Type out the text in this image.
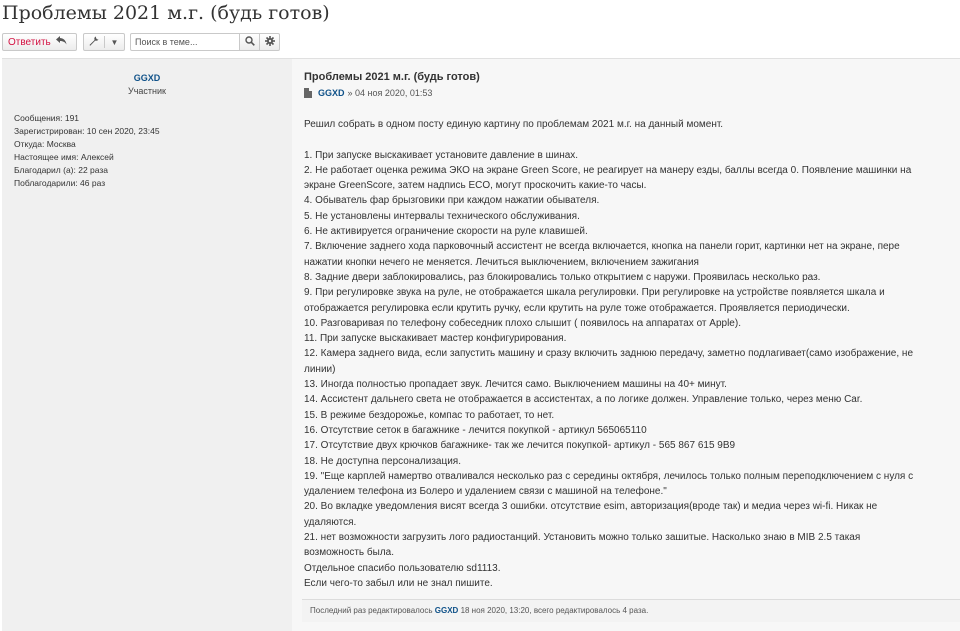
Проблемы 2021 м.г. (будь готов)
Ответить	▼
Поиск в теме...
GGXD
Участник
Сообщения: 191
Зарегистрирован: 10 сен 2020, 23:45
Откуда: Москва
Настоящее имя: Алексей
Благодарил (а): 22 раза
Поблагодарили: 46 раз
Проблемы 2021 м.г. (будь готов)
GGXD » 04 ноя 2020, 01:53

Решил собрать в одном посту единую картину по проблемам 2021 м.г. на данный момент.

1. При запуске выскакивает установите давление в шинах.

2. Не работает оценка режима ЭКО на экране Green Score, не реагирует на манеру езды, баллы всегда 0. Появление машинки на экране GreenScore, затем надпись ECO, могут проскочить какие-то часы.

4. Обыватель фар брызговики при каждом нажатии обывателя.

5. Не установлены интервалы технического обслуживания.

6. Не активируется ограничение скорости на руле клавишей.

7. Включение заднего хода парковочный ассистент не всегда включается, кнопка на панели горит, картинки нет на экране, пере нажатии кнопки нечего не меняется. Лечиться выключением, включением зажигания

8. Задние двери заблокировались, раз блокировались только открытием с наружи. Проявилась несколько раз.

9. При регулировке звука на руле, не отображается шкала регулировки. При регулировке на устройстве появляется шкала и отображается регулировка если крутить ручку, если крутить на руле тоже отображается. Проявляется периодически.

10. Разговаривая по телефону собеседник плохо слышит ( появилось на аппаратах от Apple).

11. При запуске выскакивает мастер конфигурирования.

12. Камера заднего вида, если запустить машину и сразу включить заднюю передачу, заметно подлагивает(само изображение, не линии)

13. Иногда полностью пропадает звук. Лечится само. Выключением машины на 40+ минут.

14. Ассистент дальнего света не отображается в ассистентах, а по логике должен. Управление только, через меню Car.

15. В режиме бездорожье, компас то работает, то нет.

16. Отсутствие сеток в багажнике - лечится покупкой - артикул 565065110

17. Отсутствие двух крючков багажнике- так же лечится покупкой- артикул - 565 867 615 9B9

18. Не доступна персонализация.

19. "Еще карплей намертво отваливался несколько раз с середины октября, лечилось только полным переподключением с нуля с удалением телефона из Болеро и удалением связи с машиной на телефоне."

20. Во вкладке уведомления висят всегда 3 ошибки. отсутствие esim, авторизация(вроде так) и медиа через wi-fi. Никак не удаляются.

21. нет возможности загрузить лого радиостанций. Установить можно только зашитые. Насколько знаю в MIB 2.5 такая возможность была.

Отдельное спасибо пользователю sd1113.

Если чего-то забыл или не знал пишите.

Последний раз редактировалось GGXD 18 ноя 2020, 13:20, всего редактировалось 4 раза.
